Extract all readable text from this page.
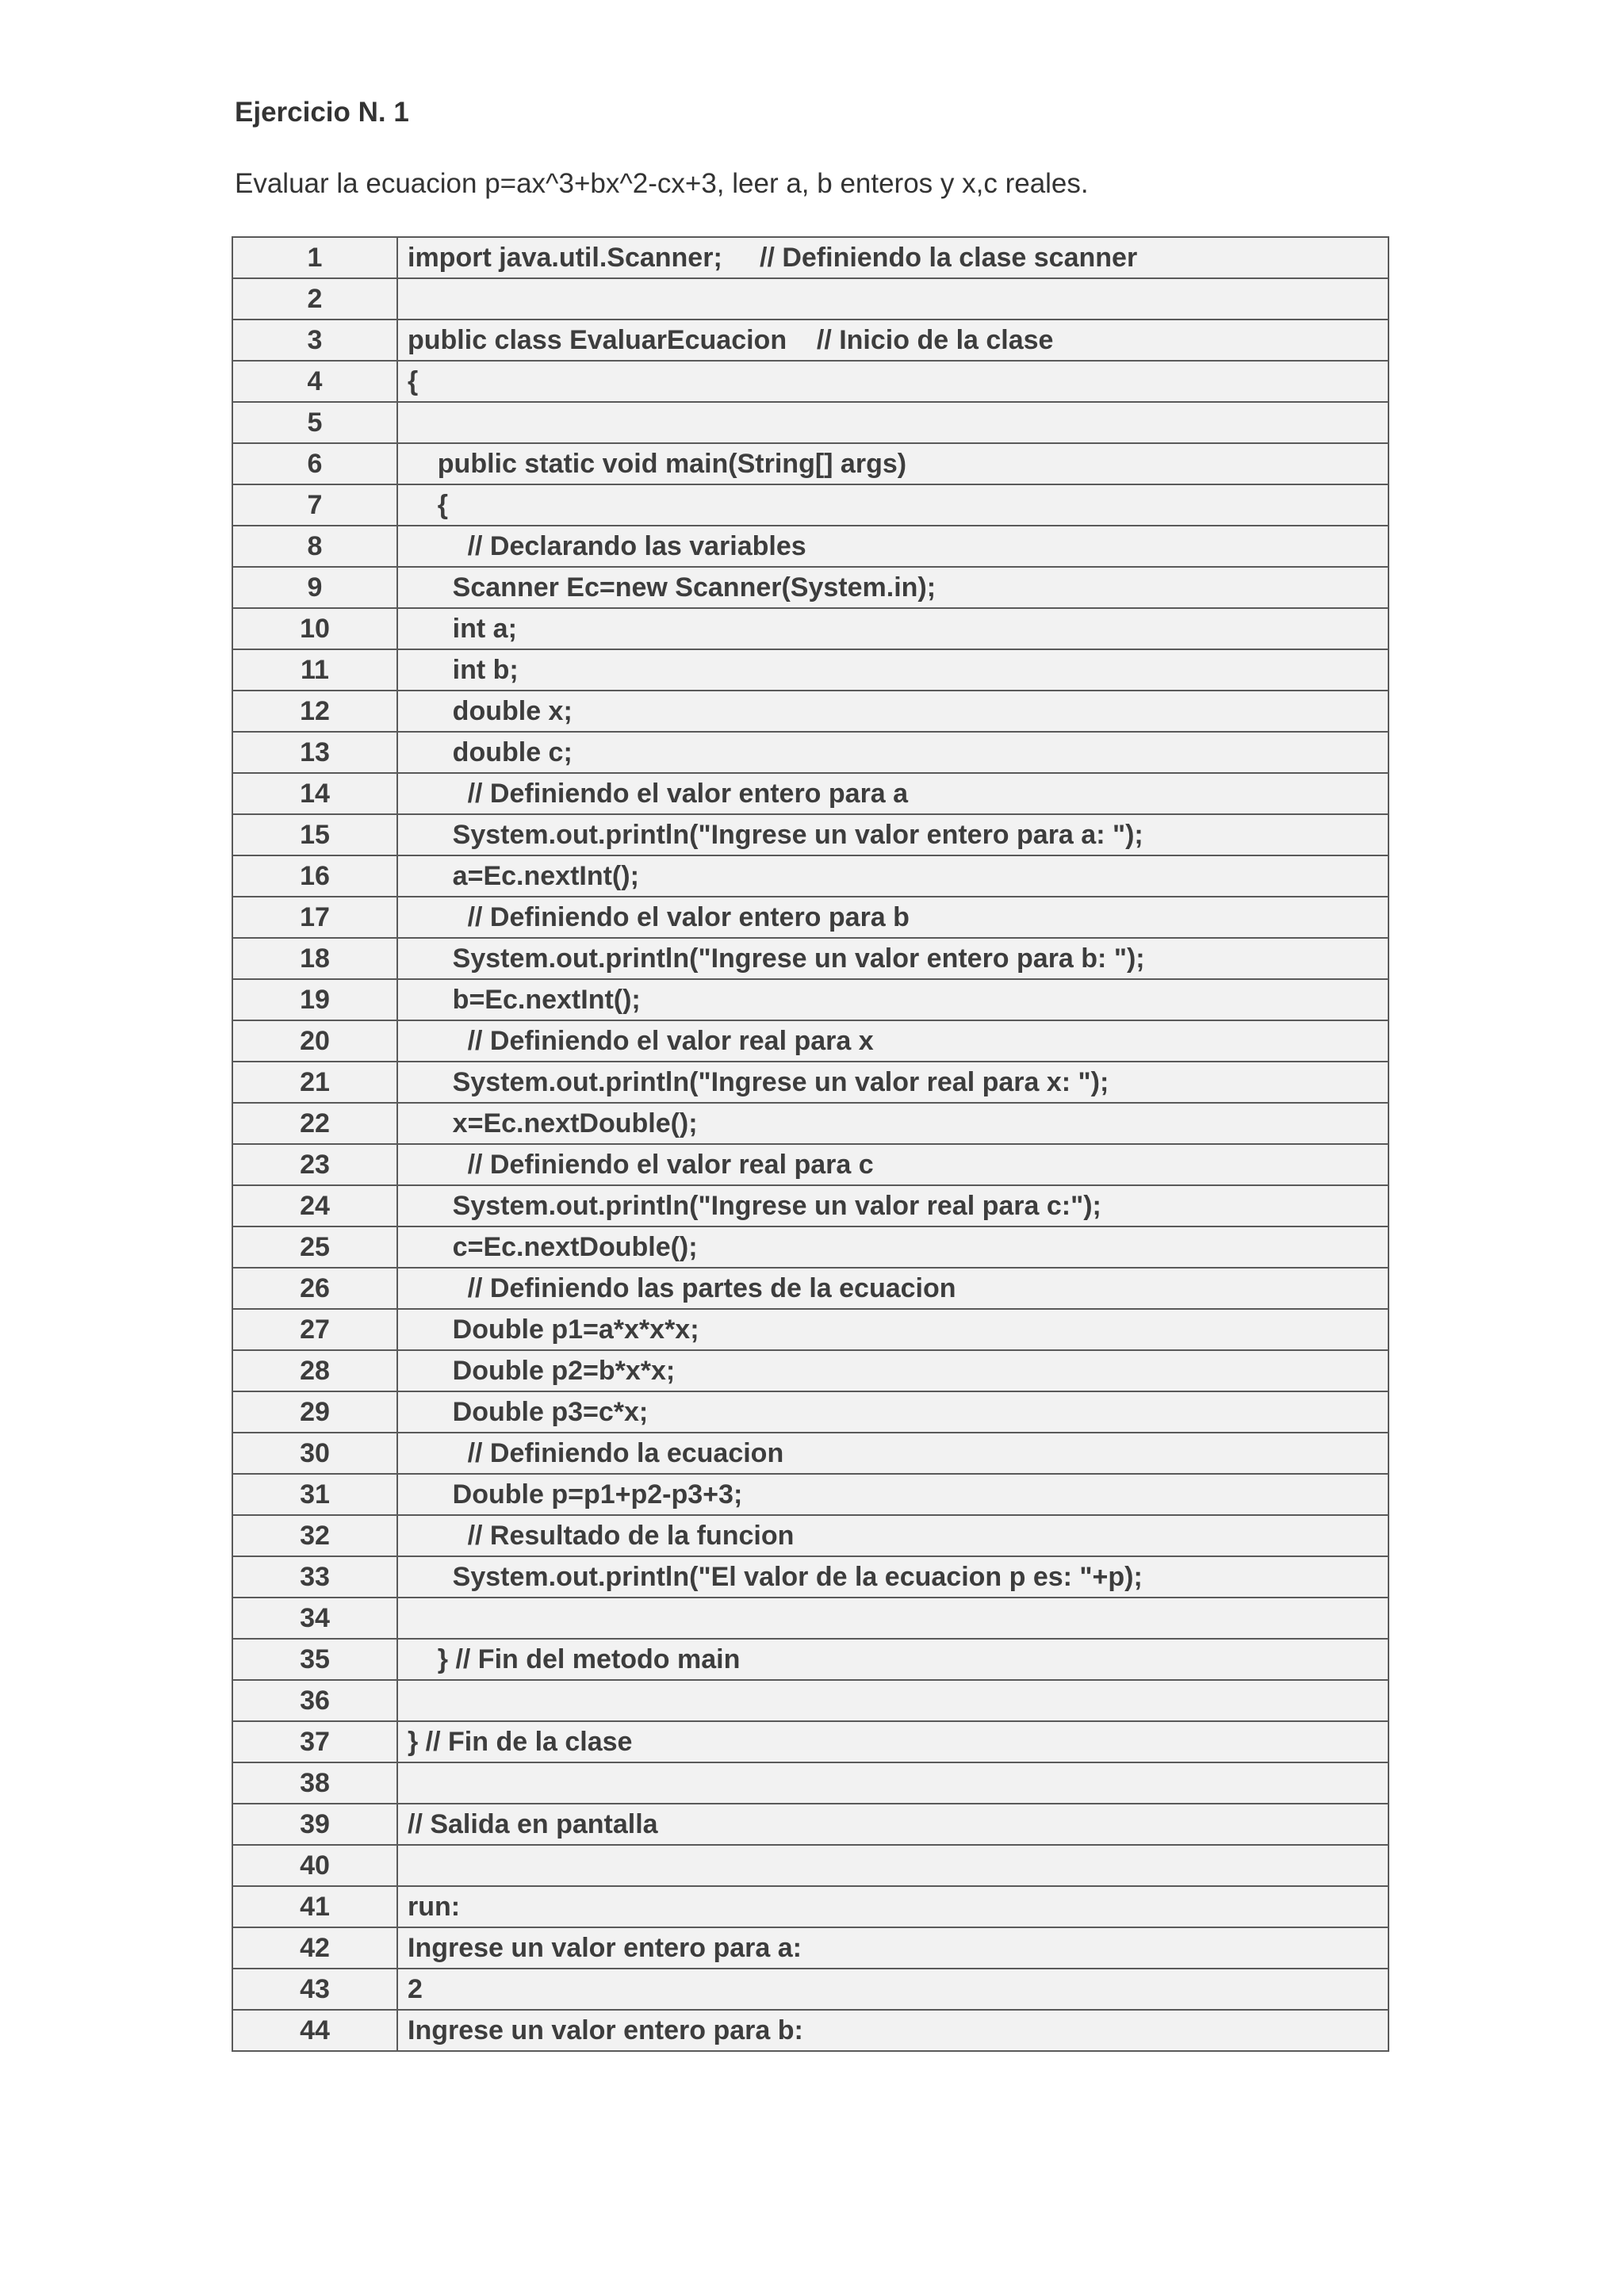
Ejercicio N. 1
Evaluar la ecuacion p=ax^3+bx^2-cx+3, leer a, b enteros y x,c reales.
1	import java.util.Scanner;     // Definiendo la clase scanner
2	
3	public class EvaluarEcuacion    // Inicio de la clase
4	{
5	
6	public static void main(String[] args)
7	{
8	// Declarando las variables
9	Scanner Ec=new Scanner(System.in);
10	int a;
11	int b;
12	double x;
13	double c;
14	// Definiendo el valor entero para a
15	System.out.println("Ingrese un valor entero para a: ");
16	a=Ec.nextInt();
17	// Definiendo el valor entero para b
18	System.out.println("Ingrese un valor entero para b: ");
19	b=Ec.nextInt();
20	// Definiendo el valor real para x
21	System.out.println("Ingrese un valor real para x: ");
22	x=Ec.nextDouble();
23	// Definiendo el valor real para c
24	System.out.println("Ingrese un valor real para c:");
25	c=Ec.nextDouble();
26	// Definiendo las partes de la ecuacion
27	Double p1=a*x*x*x;
28	Double p2=b*x*x;
29	Double p3=c*x;
30	// Definiendo la ecuacion
31	Double p=p1+p2-p3+3;
32	// Resultado de la funcion
33	System.out.println("El valor de la ecuacion p es: "+p);
34	
35	} // Fin del metodo main
36	
37	} // Fin de la clase
38	
39	// Salida en pantalla
40	
41	run:
42	Ingrese un valor entero para a:
43	2
44	Ingrese un valor entero para b:
